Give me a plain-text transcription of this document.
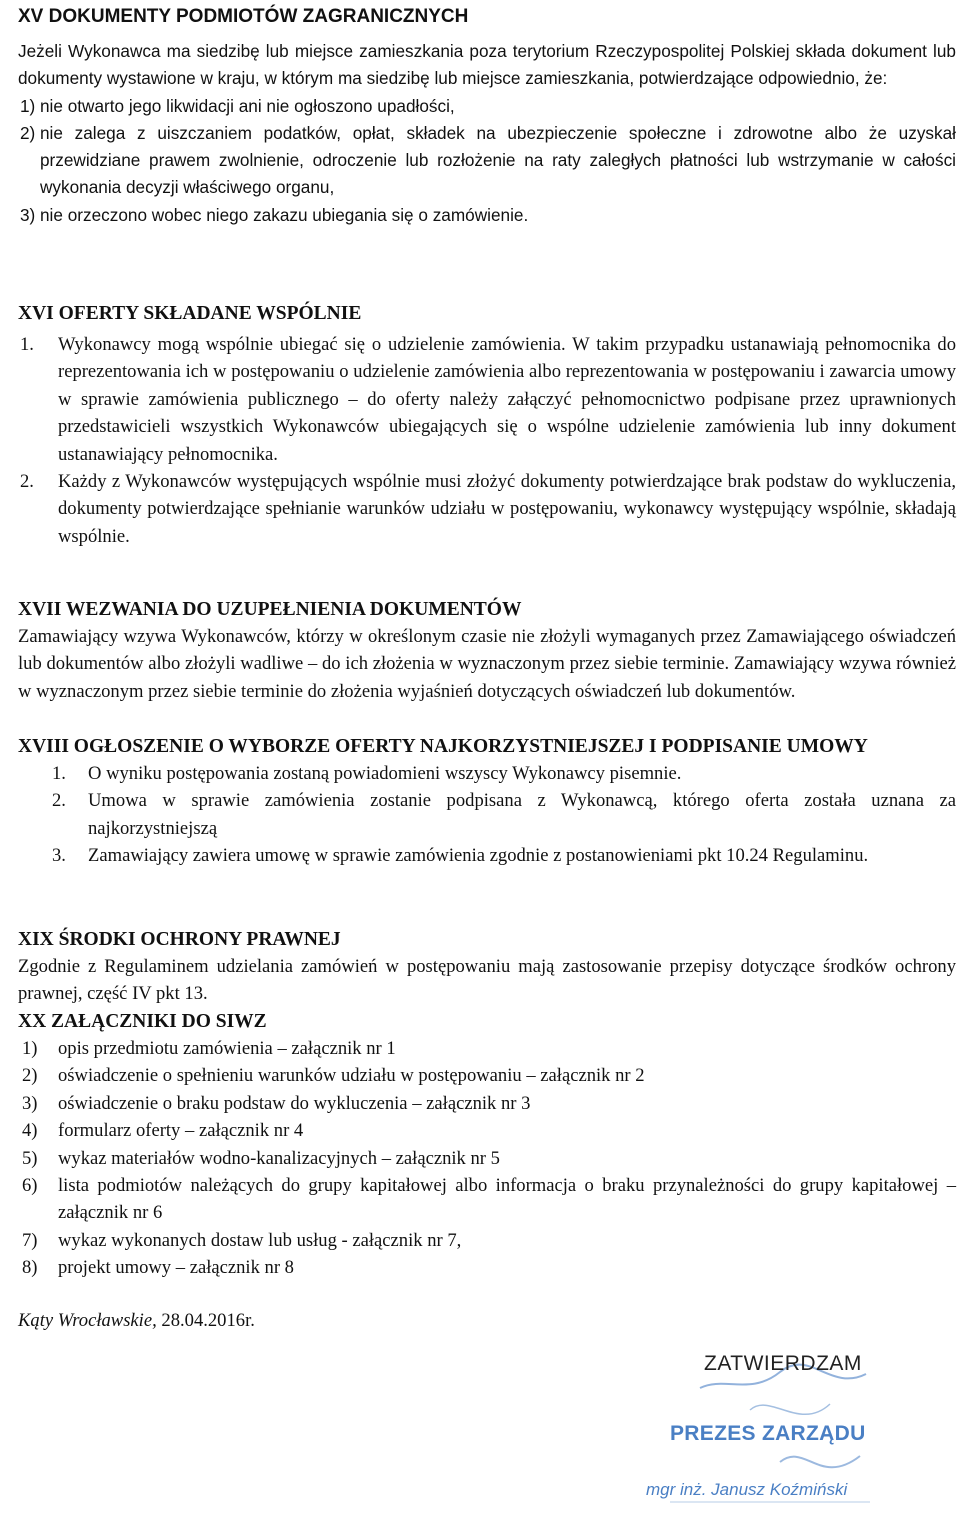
XV DOKUMENTY PODMIOTÓW ZAGRANICZNYCH

Jeżeli Wykonawca ma siedzibę lub miejsce zamieszkania poza terytorium Rzeczypospolitej Polskiej składa dokument lub dokumenty wystawione w kraju, w którym ma siedzibę lub miejsce zamieszkania, potwierdzające odpowiednio, że:

1) nie otwarto jego likwidacji ani nie ogłoszono upadłości,
2) nie zalega z uiszczaniem podatków, opłat, składek na ubezpieczenie społeczne i zdrowotne albo że uzyskał przewidziane prawem zwolnienie, odroczenie lub rozłożenie na raty zaległych płatności lub wstrzymanie w całości wykonania decyzji właściwego organu,
3) nie orzeczono wobec niego zakazu ubiegania się o zamówienie.
XVI OFERTY SKŁADANE WSPÓLNIE
1. Wykonawcy mogą wspólnie ubiegać się o udzielenie zamówienia. W takim przypadku ustanawiają pełnomocnika do reprezentowania ich w postępowaniu o udzielenie zamówienia albo reprezentowania w postępowaniu i zawarcia umowy w sprawie zamówienia publicznego – do oferty należy załączyć pełnomocnictwo podpisane przez uprawnionych przedstawicieli wszystkich Wykonawców ubiegających się o wspólne udzielenie zamówienia lub inny dokument ustanawiający pełnomocnika.
2. Każdy z Wykonawców występujących wspólnie musi złożyć dokumenty potwierdzające brak podstaw do wykluczenia, dokumenty potwierdzające spełnianie warunków udziału w postępowaniu, wykonawcy występujący wspólnie, składają wspólnie.
XVII WEZWANIA DO UZUPEŁNIENIA DOKUMENTÓW

Zamawiający wzywa Wykonawców, którzy w określonym czasie nie złożyli wymaganych przez Zamawiającego oświadczeń lub dokumentów albo złożyli wadliwe – do ich złożenia w wyznaczonym przez siebie terminie. Zamawiający wzywa również w wyznaczonym przez siebie terminie do złożenia wyjaśnień dotyczących oświadczeń lub dokumentów.

XVIII OGŁOSZENIE O WYBORZE OFERTY NAJKORZYSTNIEJSZEJ I PODPISANIE UMOWY
1. O wyniku postępowania zostaną powiadomieni wszyscy Wykonawcy pisemnie.
2. Umowa w sprawie zamówienia zostanie podpisana z Wykonawcą, którego oferta została uznana za najkorzystniejszą
3. Zamawiający zawiera umowę w sprawie zamówienia zgodnie z postanowieniami pkt 10.24 Regulaminu.
XIX ŚRODKI OCHRONY PRAWNEJ

Zgodnie z Regulaminem udzielania zamówień w postępowaniu mają zastosowanie przepisy dotyczące środków ochrony prawnej, część IV pkt 13.

XX ZAŁĄCZNIKI DO SIWZ
1) opis przedmiotu zamówienia – załącznik nr 1
2) oświadczenie o spełnieniu warunków udziału w postępowaniu – załącznik nr 2
3) oświadczenie o braku podstaw do wykluczenia – załącznik nr 3
4) formularz oferty – załącznik nr 4
5) wykaz materiałów wodno-kanalizacyjnych – załącznik nr 5
6) lista podmiotów należących do grupy kapitałowej albo informacja o braku przynależności do grupy kapitałowej – załącznik nr 6
7) wykaz wykonanych dostaw lub usług - załącznik nr 7,
8) projekt umowy – załącznik nr 8

Kąty Wrocławskie, 28.04.2016r.

ZATWIERDZAM
PREZES ZARZĄDU
mgr inż. Janusz Koźmiński
